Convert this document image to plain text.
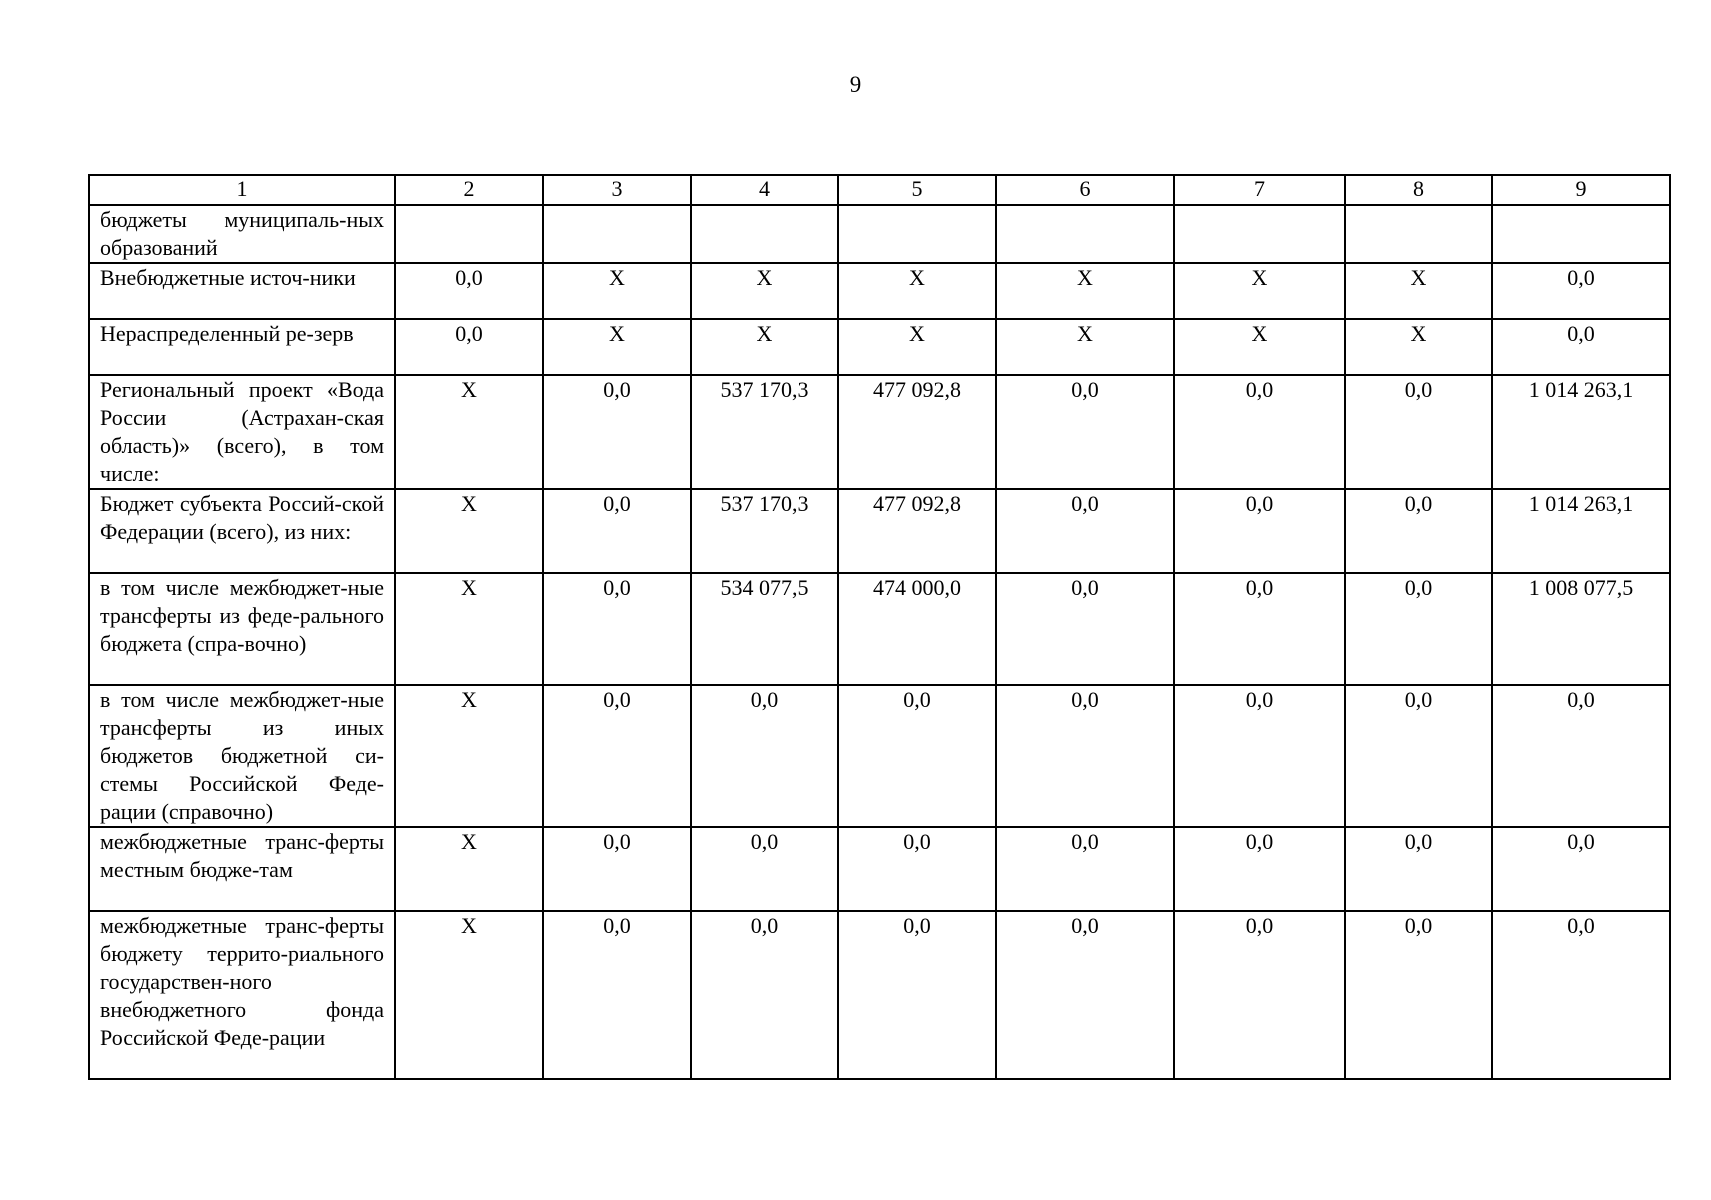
9
1	2	3	4	5	6	7	8	9
бюджеты муниципаль-ных образований								
Внебюджетные источ-ники	0,0	X	X	X	X	X	X	0,0
Нераспределенный ре-зерв	0,0	X	X	X	X	X	X	0,0
Региональный проект «Вода России (Астрахан-ская область)» (всего), в том числе:	X	0,0	537 170,3	477 092,8	0,0	0,0	0,0	1 014 263,1
Бюджет субъекта Россий-ской Федерации (всего), из них:	X	0,0	537 170,3	477 092,8	0,0	0,0	0,0	1 014 263,1
в том числе межбюджет-ные трансферты из феде-рального бюджета (спра-вочно)	X	0,0	534 077,5	474 000,0	0,0	0,0	0,0	1 008 077,5
в том числе межбюджет-ные трансферты из иных бюджетов бюджетной си-стемы Российской Феде-рации (справочно)	X	0,0	0,0	0,0	0,0	0,0	0,0	0,0
межбюджетные транс-ферты местным бюдже-там	X	0,0	0,0	0,0	0,0	0,0	0,0	0,0
межбюджетные транс-ферты бюджету террито-риального государствен-ного внебюджетного фонда Российской Феде-рации	X	0,0	0,0	0,0	0,0	0,0	0,0	0,0
